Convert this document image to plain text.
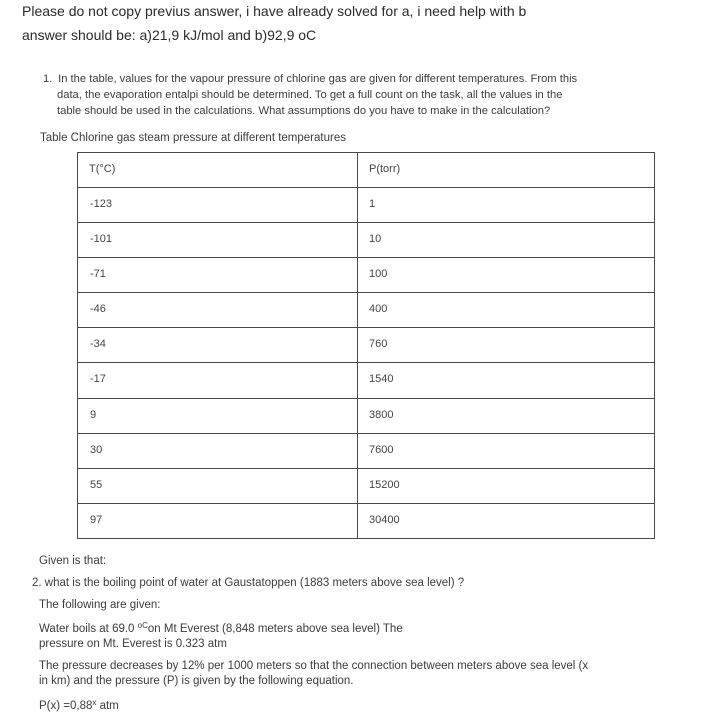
Please do not copy previus answer, i have already solved for a, i need help with b

answer should be: a)21,9 kJ/mol and b)92,9 oC

1. In the table, values for the vapour pressure of chlorine gas are given for different temperatures. From this
data, the evaporation entalpi should be determined. To get a full count on the task, all the values in the
table should be used in the calculations. What assumptions do you have to make in the calculation?

Table Chlorine gas steam pressure at different temperatures

T(°C)	P(torr)
-123	1
-101	10
-71	100
-46	400
-34	760
-17	1540
9	3800
30	7600
55	15200
97	30400

Given is that:

2. what is the boiling point of water at Gaustatoppen (1883 meters above sea level) ?

The following are given:

Water boils at 69.0 $^{oC}$on Mt Everest (8,848 meters above sea level) The
pressure on Mt. Everest is 0.323 atm
The pressure decreases by 12% per 1000 meters so that the connection between meters above sea level (x
in km) and the pressure (P) is given by the following equation.

$P(x) =0,88^x$ atm
